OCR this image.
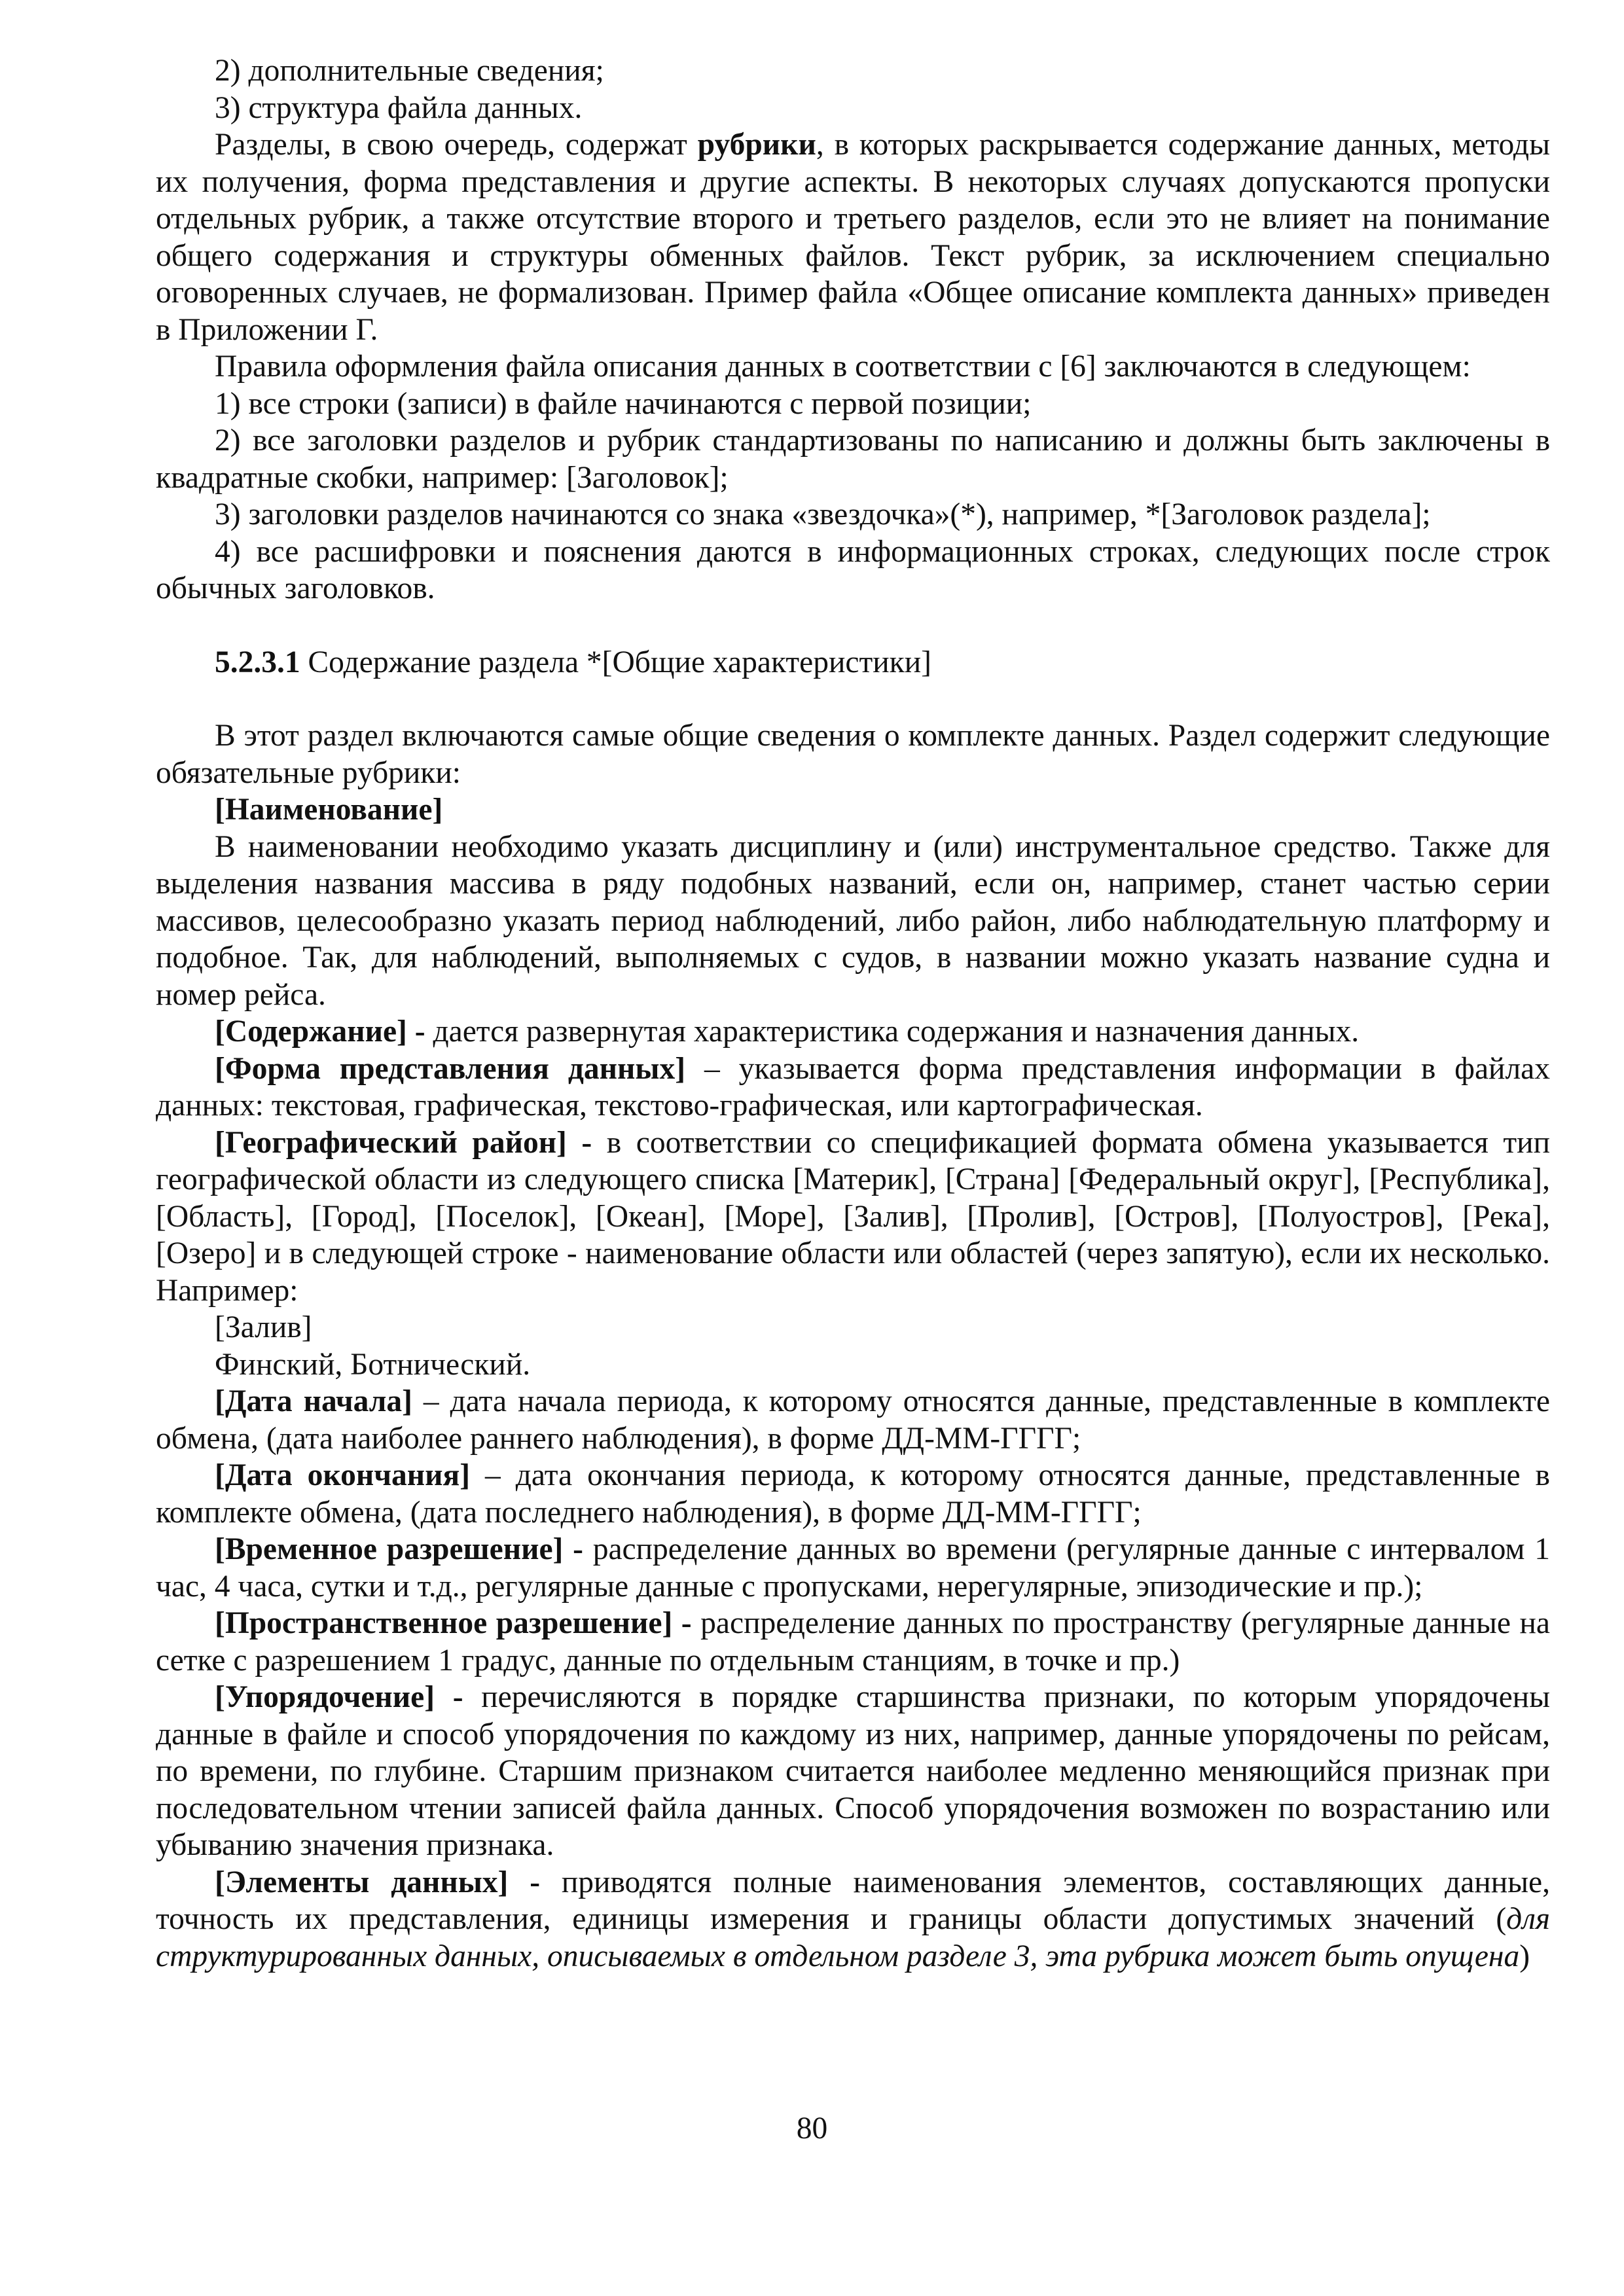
2) дополнительные сведения;

3) структура файла данных.

Разделы, в свою очередь, содержат рубрики, в которых раскрывается содержание данных, методы их получения, форма представления и другие аспекты. В некоторых случаях допускаются пропуски отдельных рубрик, а также отсутствие второго и третьего разделов, если это не влияет на понимание общего содержания и структуры обменных файлов. Текст рубрик, за исключением специально оговоренных случаев, не формализован. Пример файла «Общее описание комплекта данных» приведен в Приложении Г.

Правила оформления файла описания данных в соответствии с [6] заключаются в следующем:

1) все строки (записи) в файле начинаются с первой позиции;

2) все заголовки разделов и рубрик стандартизованы по написанию и должны быть заключены в квадратные скобки, например: [Заголовок];

3) заголовки разделов начинаются со знака «звездочка»(*), например, *[Заголовок раздела];

4) все расшифровки и пояснения даются в информационных строках, следующих после строк обычных заголовков.

5.2.3.1 Содержание раздела *[Общие характеристики]

В этот раздел включаются самые общие сведения о комплекте данных. Раздел содержит следующие обязательные рубрики:

[Наименование]

В наименовании необходимо указать дисциплину и (или) инструментальное средство. Также для выделения названия массива в ряду подобных названий, если он, например, станет частью серии массивов, целесообразно указать период наблюдений, либо район, либо наблюдательную платформу и подобное. Так, для наблюдений, выполняемых с судов, в названии можно указать название судна и номер рейса.

[Содержание] - дается развернутая характеристика содержания и назначения данных.

[Форма представления данных] – указывается форма представления информации в файлах данных: текстовая, графическая, текстово-графическая, или картографическая.

[Географический район] - в соответствии со спецификацией формата обмена указывается тип географической области из следующего списка [Материк], [Страна] [Федеральный округ], [Республика], [Область], [Город], [Поселок], [Океан], [Море], [Залив], [Пролив], [Остров], [Полуостров], [Река], [Озеро] и в следующей строке - наименование области или областей (через запятую), если их несколько. Например:

[Залив]

Финский, Ботнический.

[Дата начала] – дата начала периода, к которому относятся данные, представленные в комплекте обмена, (дата наиболее раннего наблюдения), в форме ДД-ММ-ГГГГ;

[Дата окончания] – дата окончания периода, к которому относятся данные, представленные в комплекте обмена, (дата последнего наблюдения), в форме ДД-ММ-ГГГГ;

[Временное разрешение] - распределение данных во времени (регулярные данные с интервалом 1 час, 4 часа, сутки и т.д., регулярные данные с пропусками, нерегулярные, эпизодические и пр.);

[Пространственное разрешение] - распределение данных по пространству (регулярные данные на сетке с разрешением 1 градус, данные по отдельным станциям, в точке и пр.)

[Упорядочение] - перечисляются в порядке старшинства признаки, по которым упорядочены данные в файле и способ упорядочения по каждому из них, например, данные упорядочены по рейсам, по времени, по глубине. Старшим признаком считается наиболее медленно меняющийся признак при последовательном чтении записей файла данных. Способ упорядочения возможен по возрастанию или убыванию значения признака.

[Элементы данных] - приводятся полные наименования элементов, составляющих данные, точность их представления, единицы измерения и границы области допустимых значений (для структурированных данных, описываемых в отдельном разделе 3, эта рубрика может быть опущена)

80
